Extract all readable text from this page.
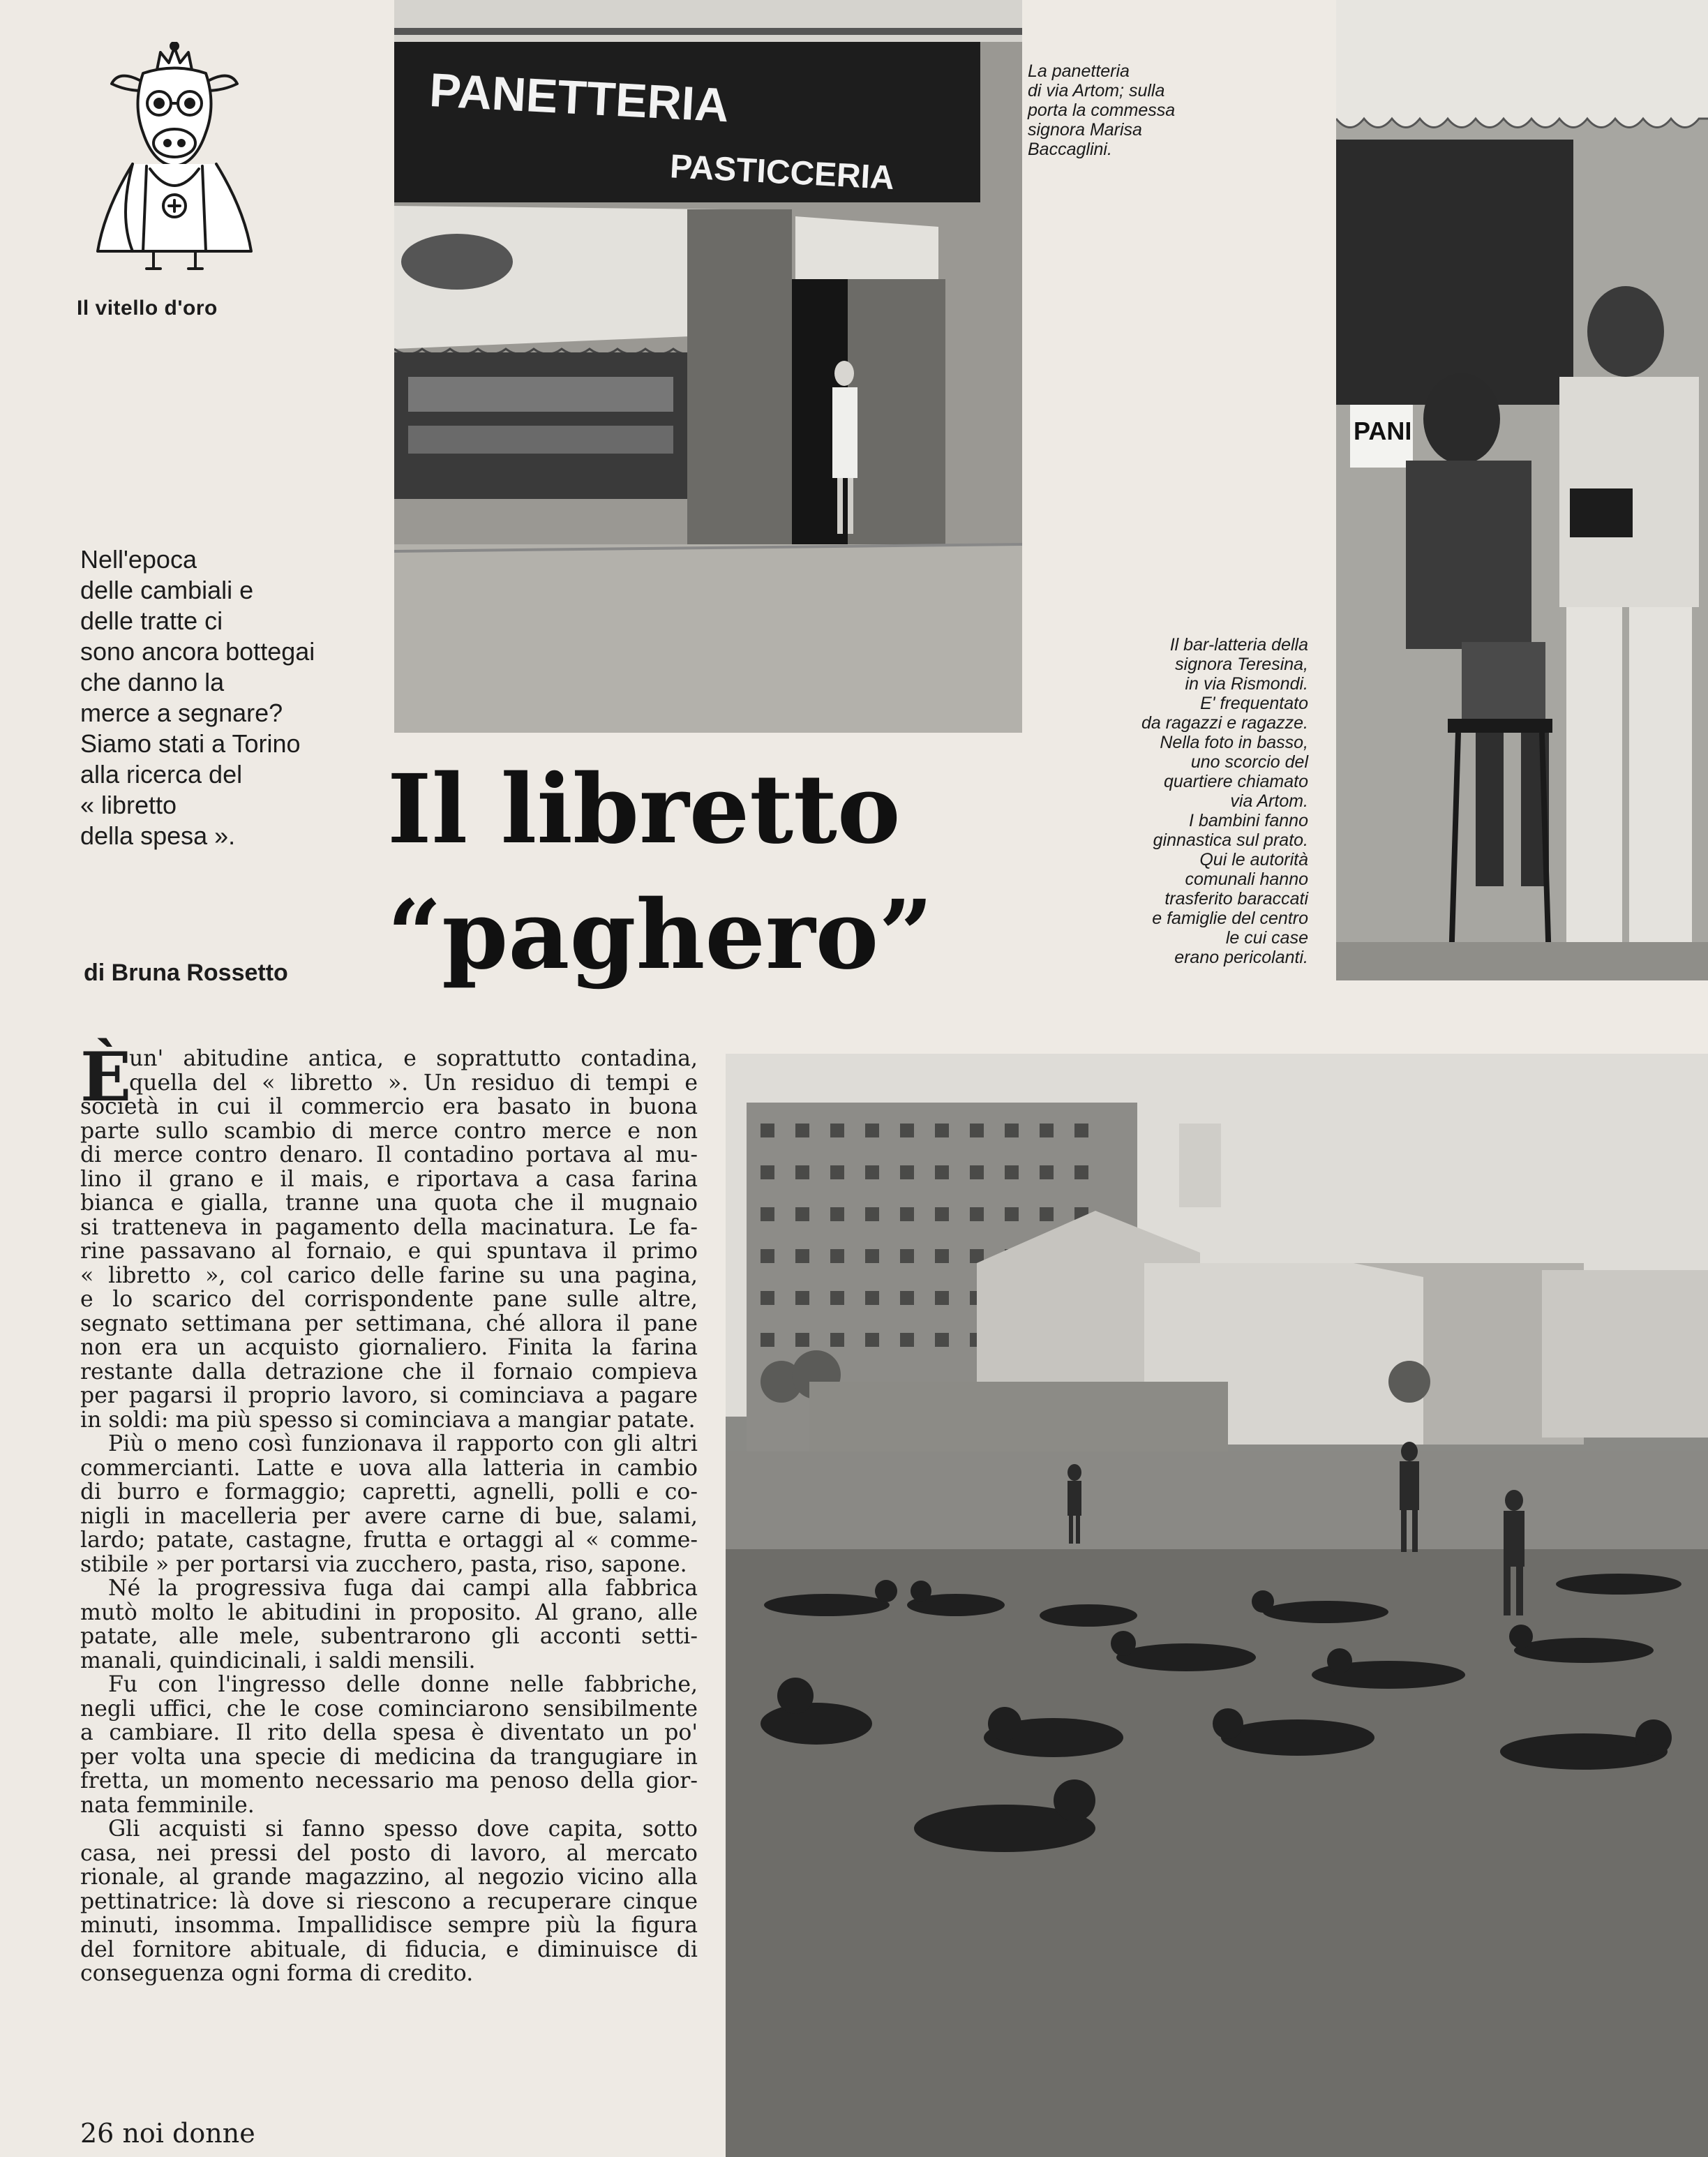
Il vitello d'oro
PANETTERIA
PASTICCERIA
La panetteria
di via Artom; sulla
porta la commessa
signora Marisa
Baccaglini.
PANI
Il bar-latteria della
signora Teresina,
in via Rismondi.
E' frequentato
da ragazzi e ragazze.
Nella foto in basso,
uno scorcio del
quartiere chiamato
via Artom.
I bambini fanno
ginnastica sul prato.
Qui le autorità
comunali hanno
trasferito baraccati
e famiglie del centro
le cui case
erano pericolanti.
Nell'epoca
delle cambiali e
delle tratte ci
sono ancora bottegai
che danno la
merce a segnare?
Siamo stati a Torino
alla ricerca del
« libretto
della spesa ».	Il libretto
“paghero”
di Bruna Rossetto
È
un' abitudine antica, e soprattutto contadina,
quella del « libretto ». Un residuo di tempi e
società in cui il commercio era basato in buona
parte sullo scambio di merce contro merce e non
di merce contro denaro. Il contadino portava al mu-
lino il grano e il mais, e riportava a casa farina
bianca e gialla, tranne una quota che il mugnaio
si tratteneva in pagamento della macinatura. Le fa-
rine passavano al fornaio, e qui spuntava il primo
« libretto », col carico delle farine su una pagina,
e lo scarico del corrispondente pane sulle altre,
segnato settimana per settimana, ché allora il pane
non era un acquisto giornaliero. Finita la farina
restante dalla detrazione che il fornaio compieva
per pagarsi il proprio lavoro, si cominciava a pagare
in soldi: ma più spesso si cominciava a mangiar patate.
Più o meno così funzionava il rapporto con gli altri
commercianti. Latte e uova alla latteria in cambio
di burro e formaggio; capretti, agnelli, polli e co-
nigli in macelleria per avere carne di bue, salami,
lardo; patate, castagne, frutta e ortaggi al « comme-
stibile » per portarsi via zucchero, pasta, riso, sapone.
Né la progressiva fuga dai campi alla fabbrica
mutò molto le abitudini in proposito. Al grano, alle
patate, alle mele, subentrarono gli acconti setti-
manali, quindicinali, i saldi mensili.
Fu con l'ingresso delle donne nelle fabbriche,
negli uffici, che le cose cominciarono sensibilmente
a cambiare. Il rito della spesa è diventato un po'
per volta una specie di medicina da trangugiare in
fretta, un momento necessario ma penoso della gior-
nata femminile.
Gli acquisti si fanno spesso dove capita, sotto
casa, nei pressi del posto di lavoro, al mercato
rionale, al grande magazzino, al negozio vicino alla
pettinatrice: là dove si riescono a recuperare cinque
minuti, insomma. Impallidisce sempre più la figura
del fornitore abituale, di fiducia, e diminuisce di
conseguenza ogni forma di credito.
26 noi donne
